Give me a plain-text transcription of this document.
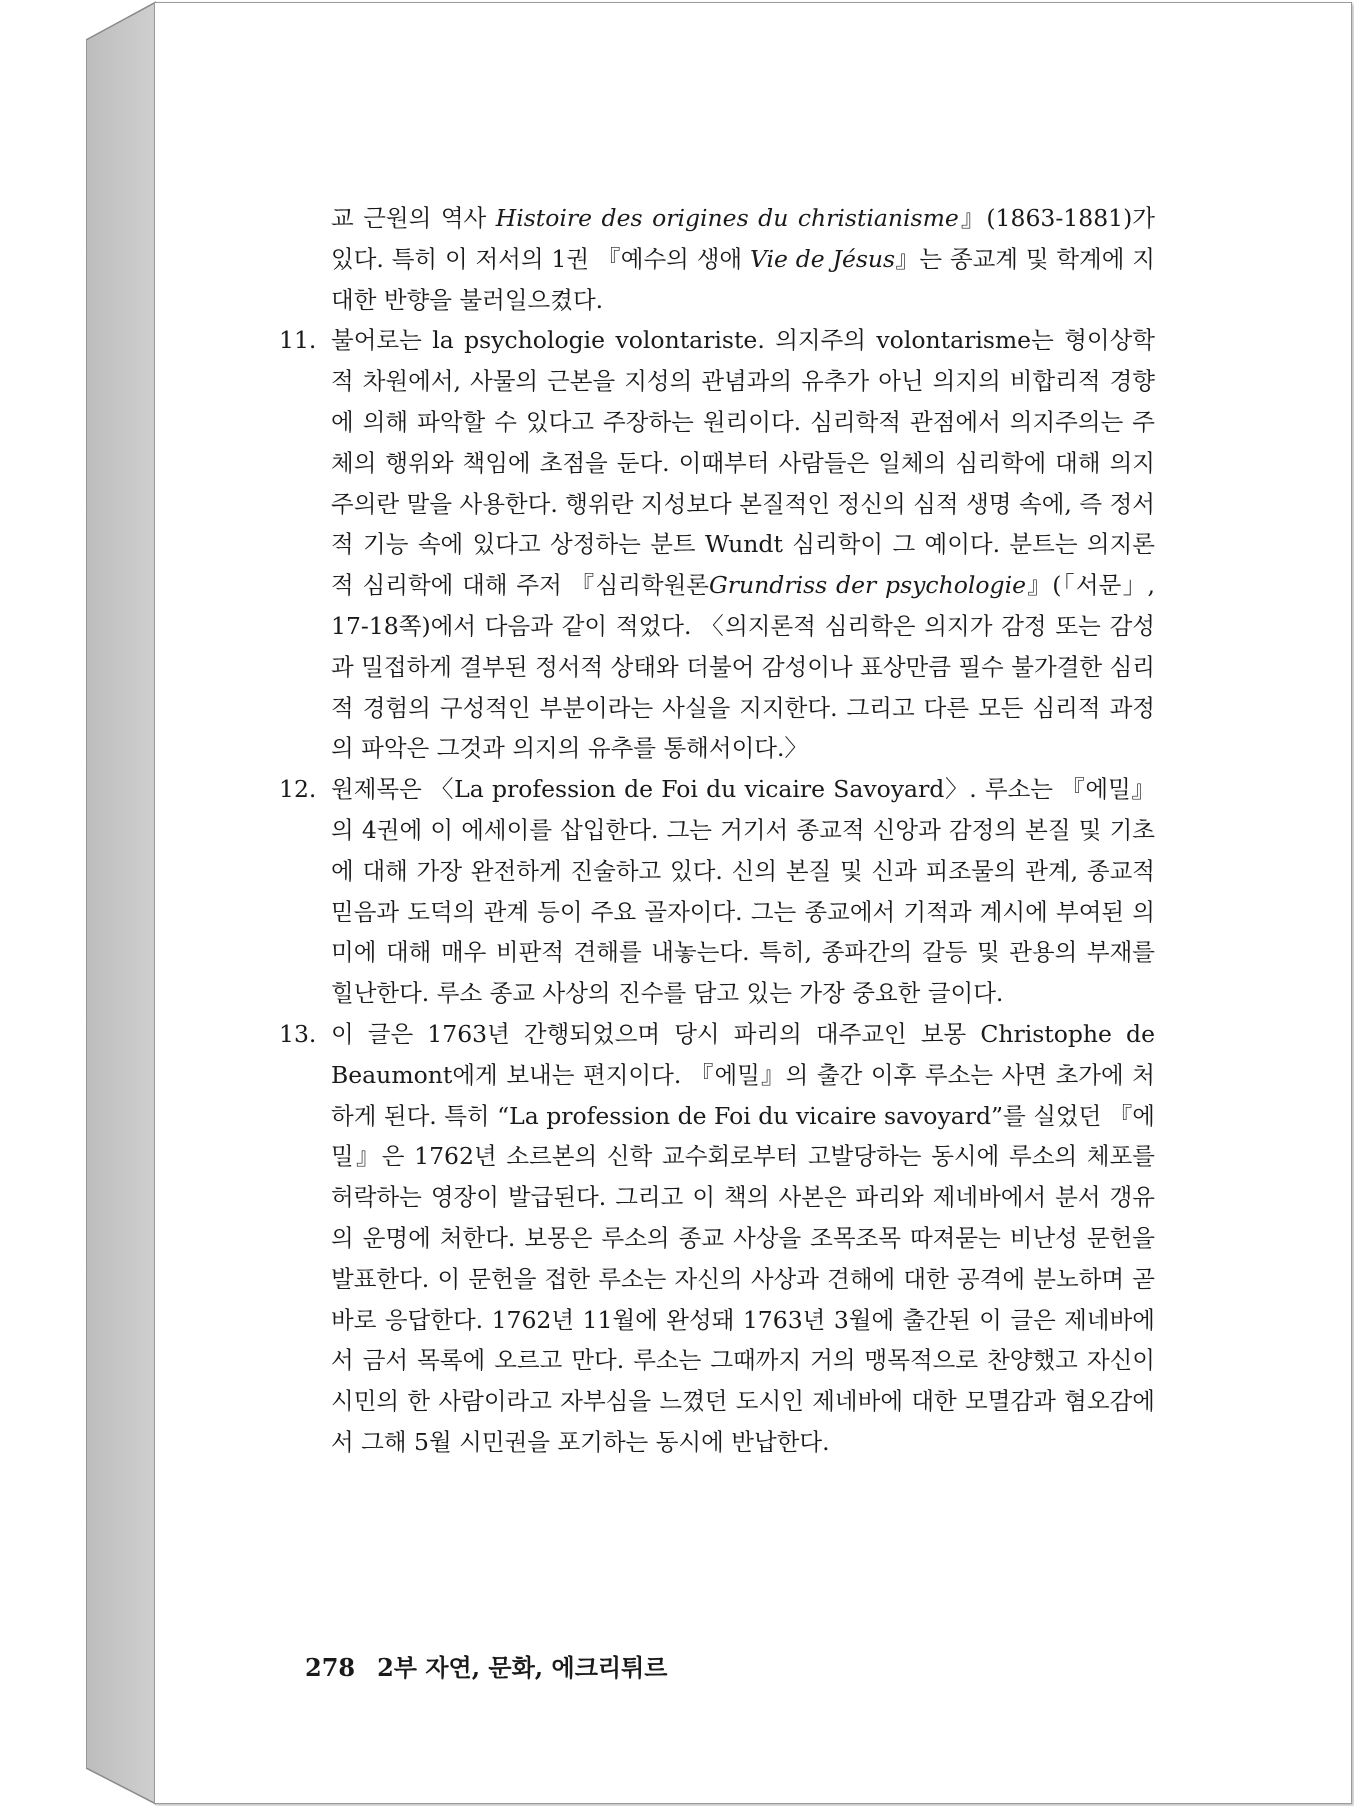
교 근원의 역사 Histoire des origines du christianisme』(1863-1881)가 있다. 특히 이 저서의 1권 『예수의 생애 Vie de Jésus』는 종교계 및 학계에 지대한 반향을 불러일으켰다.

11. 불어로는 la psychologie volontariste. 의지주의 volontarisme는 형이상학적 차원에서, 사물의 근본을 지성의 관념과의 유추가 아닌 의지의 비합리적 경향에 의해 파악할 수 있다고 주장하는 원리이다. 심리학적 관점에서 의지주의는 주체의 행위와 책임에 초점을 둔다. 이때부터 사람들은 일체의 심리학에 대해 의지주의란 말을 사용한다. 행위란 지성보다 본질적인 정신의 심적 생명 속에, 즉 정서적 기능 속에 있다고 상정하는 분트 Wundt 심리학이 그 예이다. 분트는 의지론적 심리학에 대해 주저 『심리학원론Grundriss der psychologie』(「서문」, 17-18쪽)에서 다음과 같이 적었다. 〈의지론적 심리학은 의지가 감정 또는 감성과 밀접하게 결부된 정서적 상태와 더불어 감성이나 표상만큼 필수 불가결한 심리적 경험의 구성적인 부분이라는 사실을 지지한다. 그리고 다른 모든 심리적 과정의 파악은 그것과 의지의 유추를 통해서이다.〉
12. 원제목은 〈La profession de Foi du vicaire Savoyard〉. 루소는 『에밀』의 4권에 이 에세이를 삽입한다. 그는 거기서 종교적 신앙과 감정의 본질 및 기초에 대해 가장 완전하게 진술하고 있다. 신의 본질 및 신과 피조물의 관계, 종교적 믿음과 도덕의 관계 등이 주요 골자이다. 그는 종교에서 기적과 계시에 부여된 의미에 대해 매우 비판적 견해를 내놓는다. 특히, 종파간의 갈등 및 관용의 부재를 힐난한다. 루소 종교 사상의 진수를 담고 있는 가장 중요한 글이다.
13. 이 글은 1763년 간행되었으며 당시 파리의 대주교인 보몽 Christophe de Beaumont에게 보내는 편지이다. 『에밀』의 출간 이후 루소는 사면 초가에 처하게 된다. 특히 “La profession de Foi du vicaire savoyard”를 실었던 『에밀』은 1762년 소르본의 신학 교수회로부터 고발당하는 동시에 루소의 체포를 허락하는 영장이 발급된다. 그리고 이 책의 사본은 파리와 제네바에서 분서 갱유의 운명에 처한다. 보몽은 루소의 종교 사상을 조목조목 따져묻는 비난성 문헌을 발표한다. 이 문헌을 접한 루소는 자신의 사상과 견해에 대한 공격에 분노하며 곧바로 응답한다. 1762년 11월에 완성돼 1763년 3월에 출간된 이 글은 제네바에서 금서 목록에 오르고 만다. 루소는 그때까지 거의 맹목적으로 찬양했고 자신이 시민의 한 사람이라고 자부심을 느꼈던 도시인 제네바에 대한 모멸감과 혐오감에서 그해 5월 시민권을 포기하는 동시에 반납한다.
278 2부 자연, 문화, 에크리튀르
